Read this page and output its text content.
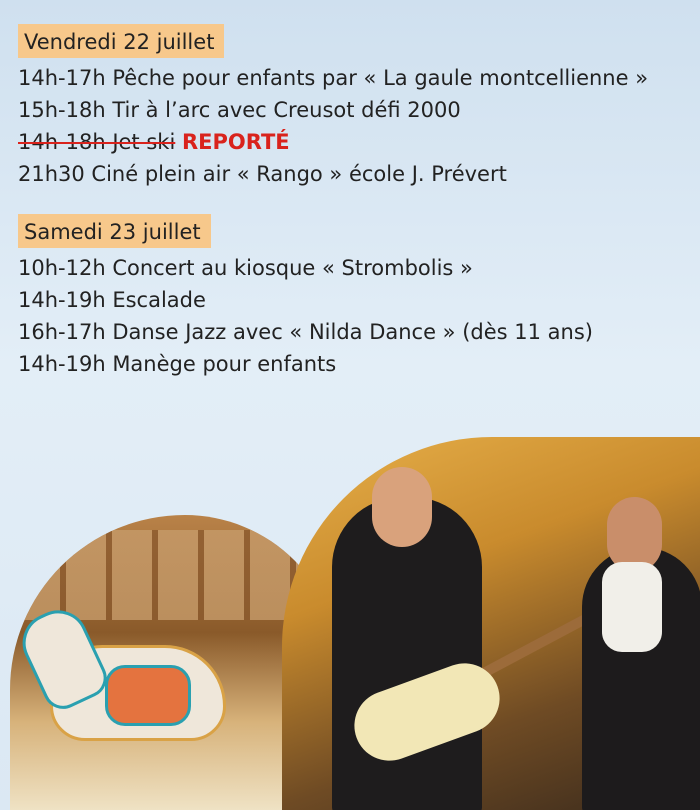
Vendredi 22 juillet

14h-17h Pêche pour enfants par « La gaule montcellienne »

15h-18h Tir à l’arc avec Creusot défi 2000

14h-18h Jet ski REPORTÉ

21h30 Ciné plein air « Rango » école J. Prévert

Samedi 23 juillet

10h-12h Concert au kiosque « Strombolis »

14h-19h Escalade

16h-17h Danse Jazz avec « Nilda Dance » (dès 11 ans)

14h-19h Manège pour enfants
